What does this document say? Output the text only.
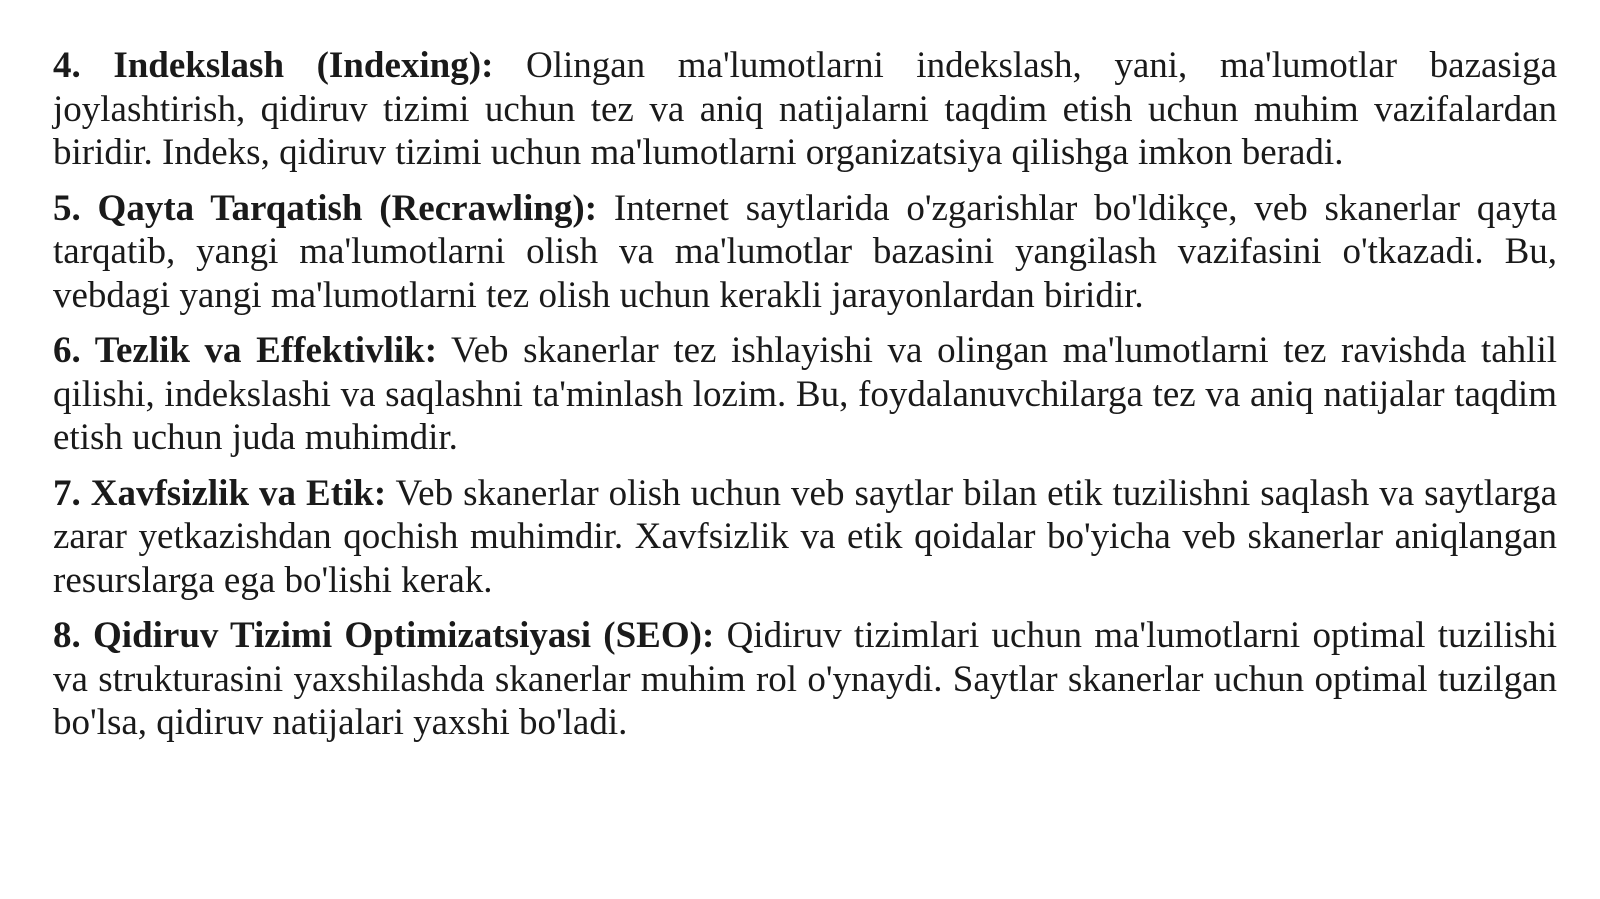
4. Indekslash (Indexing): Olingan ma'lumotlarni indekslash, yani, ma'lumotlar bazasiga joylashtirish, qidiruv tizimi uchun tez va aniq natijalarni taqdim etish uchun muhim vazifalardan biridir. Indeks, qidiruv tizimi uchun ma'lumotlarni organizatsiya qilishga imkon beradi.

5. Qayta Tarqatish (Recrawling): Internet saytlarida o'zgarishlar bo'ldikçe, veb skanerlar qayta tarqatib, yangi ma'lumotlarni olish va ma'lumotlar bazasini yangilash vazifasini o'tkazadi. Bu, vebdagi yangi ma'lumotlarni tez olish uchun kerakli jarayonlardan biridir.

6. Tezlik va Effektivlik: Veb skanerlar tez ishlayishi va olingan ma'lumotlarni tez ravishda tahlil qilishi, indekslashi va saqlashni ta'minlash lozim. Bu, foydalanuvchilarga tez va aniq natijalar taqdim etish uchun juda muhimdir.

7. Xavfsizlik va Etik: Veb skanerlar olish uchun veb saytlar bilan etik tuzilishni saqlash va saytlarga zarar yetkazishdan qochish muhimdir. Xavfsizlik va etik qoidalar bo'yicha veb skanerlar aniqlangan resurslarga ega bo'lishi kerak.

8. Qidiruv Tizimi Optimizatsiyasi (SEO): Qidiruv tizimlari uchun ma'lumotlarni optimal tuzilishi va strukturasini yaxshilashda skanerlar muhim rol o'ynaydi. Saytlar skanerlar uchun optimal tuzilgan bo'lsa, qidiruv natijalari yaxshi bo'ladi.
